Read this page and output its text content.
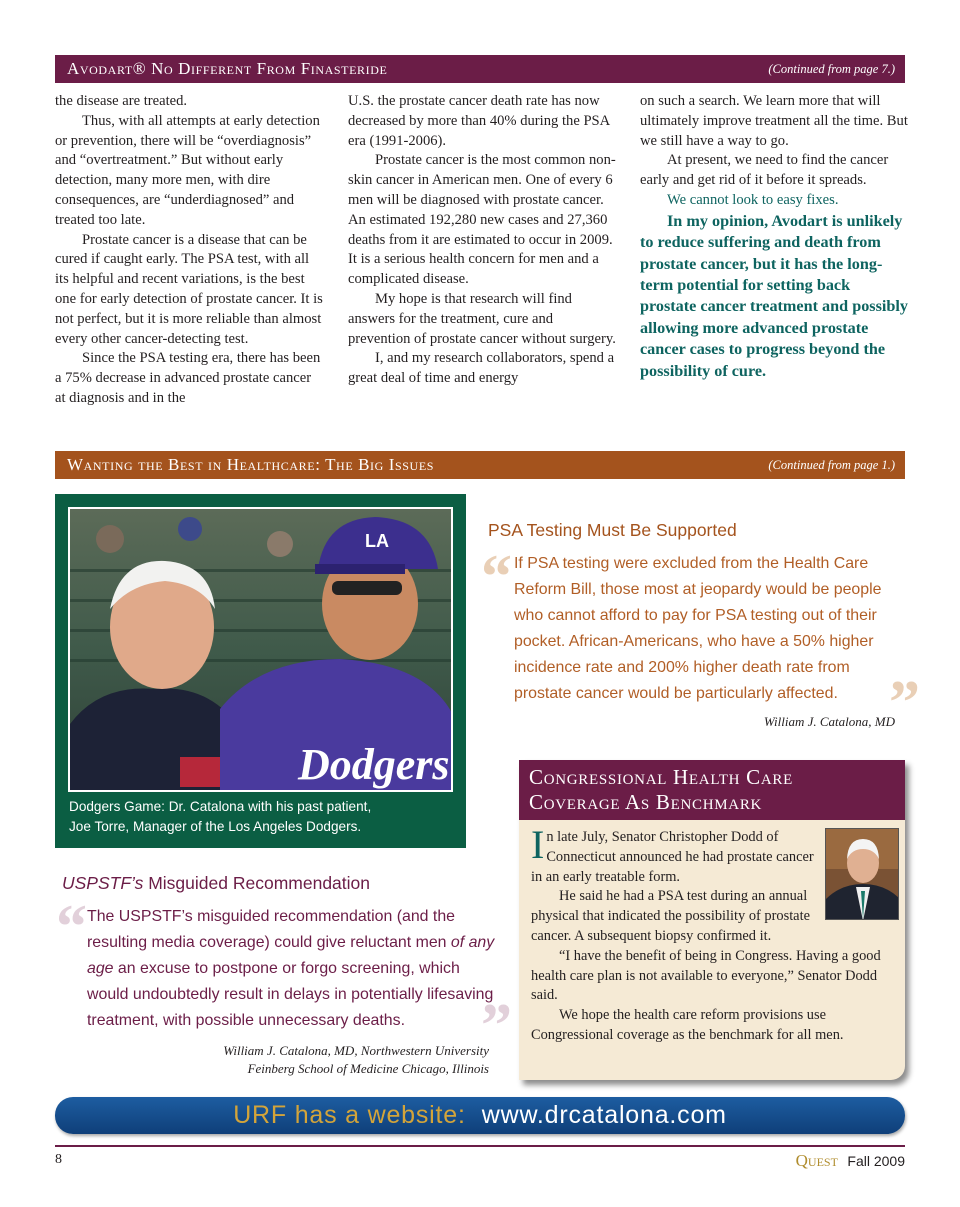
Avodart® No Different From Finasteride	(Continued from page 7.)

the disease are treated.

Thus, with all attempts at early detection or prevention, there will be “overdiagnosis” and “overtreatment.” But without early detection, many more men, with dire consequences, are “underdiagnosed” and treated too late.

Prostate cancer is a disease that can be cured if caught early. The PSA test, with all its helpful and recent variations, is the best one for early detection of prostate cancer. It is not perfect, but it is more reliable than almost every other cancer-detecting test.

Since the PSA testing era, there has been a 75% decrease in advanced prostate cancer at diagnosis and in the

U.S. the prostate cancer death rate has now decreased by more than 40% during the PSA era (1991-2006).

Prostate cancer is the most common non-skin cancer in American men. One of every 6 men will be diagnosed with prostate cancer. An estimated 192,280 new cases and 27,360 deaths from it are estimated to occur in 2009. It is a serious health concern for men and a complicated disease.

My hope is that research will find answers for the treatment, cure and prevention of prostate cancer without surgery.

I, and my research collaborators, spend a great deal of time and energy

on such a search. We learn more that will ultimately improve treatment all the time. But we still have a way to go.

At present, we need to find the cancer early and get rid of it before it spreads.

We cannot look to easy fixes.

In my opinion, Avodart is unlikely to reduce suffering and death from prostate cancer, but it has the long-term potential for setting back prostate cancer treatment and possibly allowing more advanced prostate cancer cases to progress beyond the possibility of cure.

Wanting the Best in Healthcare: The Big Issues	(Continued from page 1.)
LA
Dodgers
Dodgers Game: Dr. Catalona with his past patient,
Joe Torre, Manager of the Los Angeles Dodgers.
PSA Testing Must Be Supported
“ If PSA testing were excluded from the Health Care Reform Bill, those most at jeopardy would be people who cannot afford to pay for PSA testing out of their pocket. African-Americans, who have a 50% higher incidence rate and 200% higher death rate from prostate cancer would be particularly affected. ”
William J. Catalona, MD
Congressional Health Care
Coverage As Benchmark

In late July, Senator Christopher Dodd of Connecticut announced he had prostate cancer in an early treatable form.

He said he had a PSA test during an annual physical that indicated the possibility of prostate cancer. A subsequent biopsy confirmed it.

“I have the benefit of being in Congress. Having a good health care plan is not available to everyone,” Senator Dodd said.

We hope the health care reform provisions use Congressional coverage as the benchmark for all men.

USPSTF’s Misguided Recommendation
“ The USPSTF’s misguided recommendation (and the resulting media coverage) could give reluctant men of any age an excuse to postpone or forgo screening, which would undoubtedly result in delays in potentially lifesaving treatment, with possible unnecessary deaths.	”
William J. Catalona, MD, Northwestern University
Feinberg School of Medicine Chicago, Illinois
URF has a website: www.drcatalona.com
8	Quest Fall 2009
